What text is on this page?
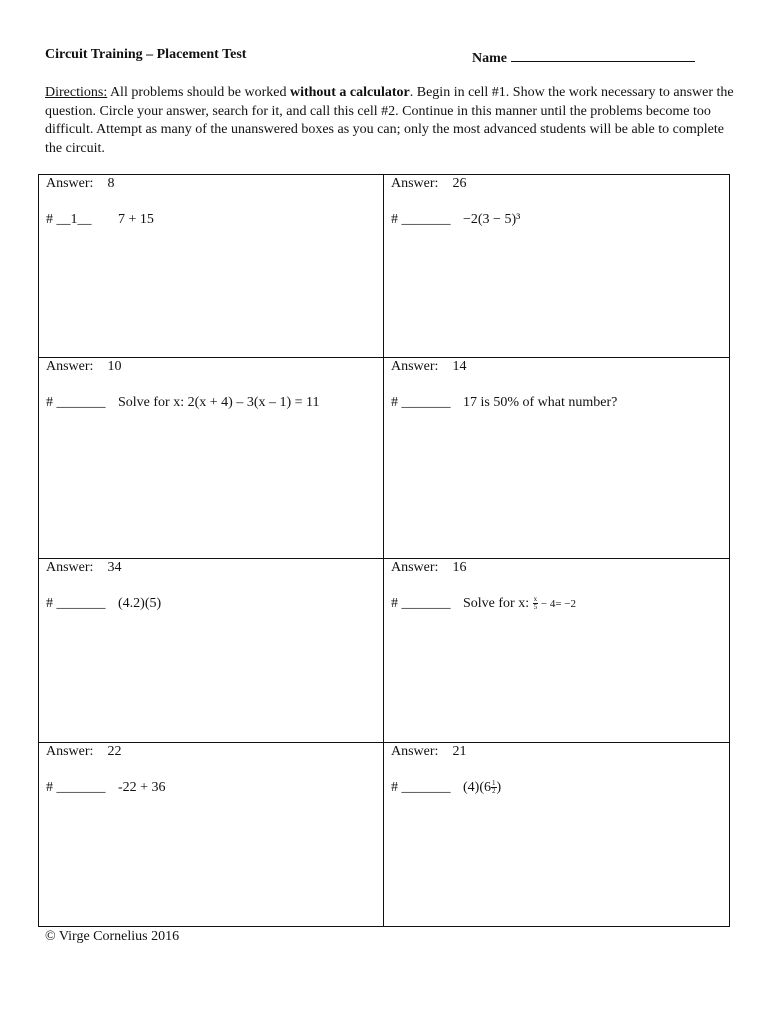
Circuit Training – Placement Test	Name
Directions: All problems should be worked without a calculator. Begin in cell #1. Show the work necessary to answer the question. Circle your answer, search for it, and call this cell #2. Continue in this manner until the problems become too difficult. Attempt as many of the unanswered boxes as you can; only the most advanced students will be able to complete the circuit.
Answer: 8
# __1__ 7 + 15
Answer: 26
# _______ −2(3 − 5)³
Answer: 10
# _______ Solve for x: 2(x + 4) – 3(x – 1) = 11
Answer: 14
# _______ 17 is 50% of what number?
Answer: 34
# _______ (4.2)(5)
Answer: 16
# _______ Solve for x: $\frac{x}{5} - 4= -2$
Answer: 22
# _______ -22 + 36
Answer: 21
# _______ $(4)(6 \frac{1}{2}$ )
© Virge Cornelius 2016
